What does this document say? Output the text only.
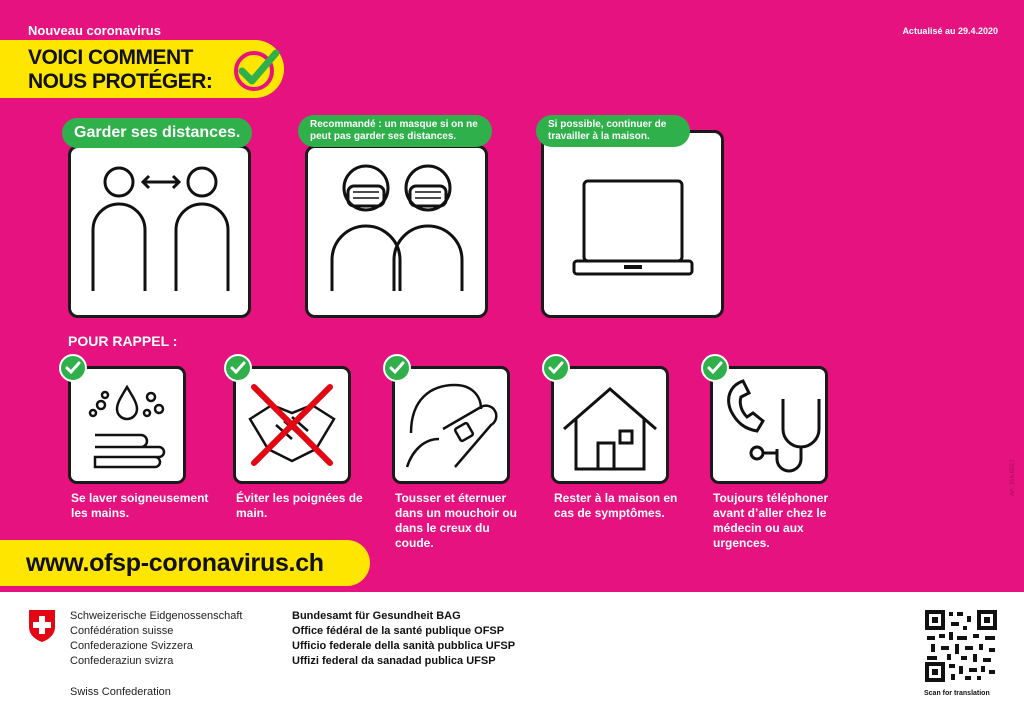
Nouveau coronavirus	Actualisé au 29.4.2020
VOICI COMMENT
NOUS PROTÉGER:
Garder ses distances.	Recommandé : un masque si on ne peut pas garder ses distances.
Si possible, continuer de travailler à la maison.
POUR RAPPEL :
Se laver soigneusement les mains.
Éviter les poignées de main.
Tousser et éternuer dans un mouchoir ou dans le creux du coude.
Rester à la maison en cas de symptômes.
Toujours téléphoner avant d’aller chez le médecin ou aux urgences.
Art. 316.602.f
www.ofsp-coronavirus.ch
Schweizerische Eidgenossenschaft
Confédération suisse
Confederazione Svizzera
Confederaziun svizra
Swiss Confederation
Bundesamt für Gesundheit BAG
Office fédéral de la santé publique OFSP
Ufficio federale della sanità pubblica UFSP
Uffizi federal da sanadad publica UFSP
Scan for translation
